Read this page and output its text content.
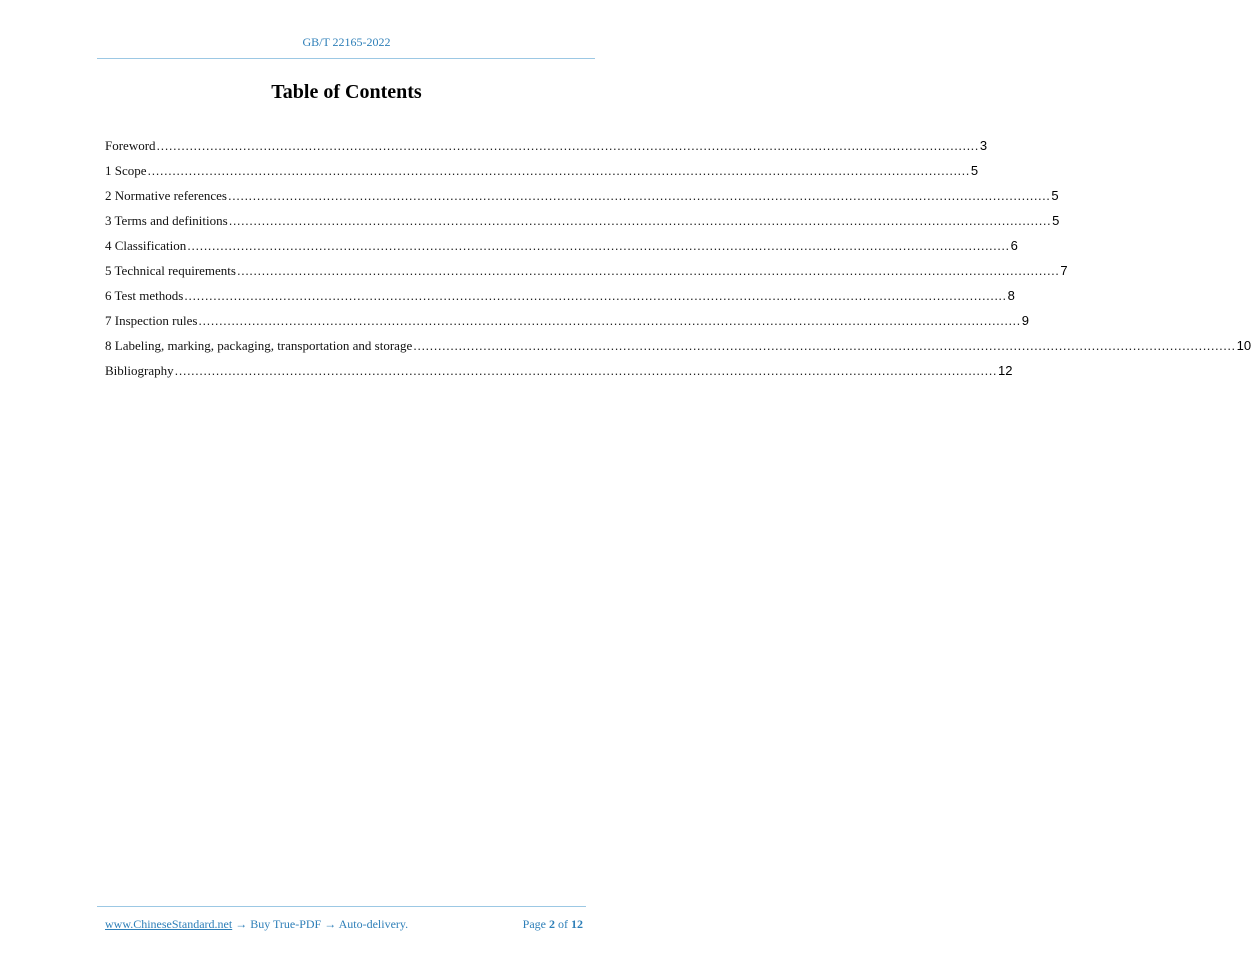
GB/T 22165-2022
Table of Contents
Foreword ........................................................................................................................................................................................................ 3
1 Scope ........................................................................................................................................................................................................ 5
2 Normative references ........................................................................................................................................................................................................ 5
3 Terms and definitions ........................................................................................................................................................................................................ 5
4 Classification ........................................................................................................................................................................................................ 6
5 Technical requirements ........................................................................................................................................................................................................ 7
6 Test methods ........................................................................................................................................................................................................ 8
7 Inspection rules ........................................................................................................................................................................................................ 9
8 Labeling, marking, packaging, transportation and storage ........................................................................................................................................................................................................ 10
Bibliography ........................................................................................................................................................................................................ 12
www.ChineseStandard.net → Buy True-PDF → Auto-delivery.	Page 2 of 12
